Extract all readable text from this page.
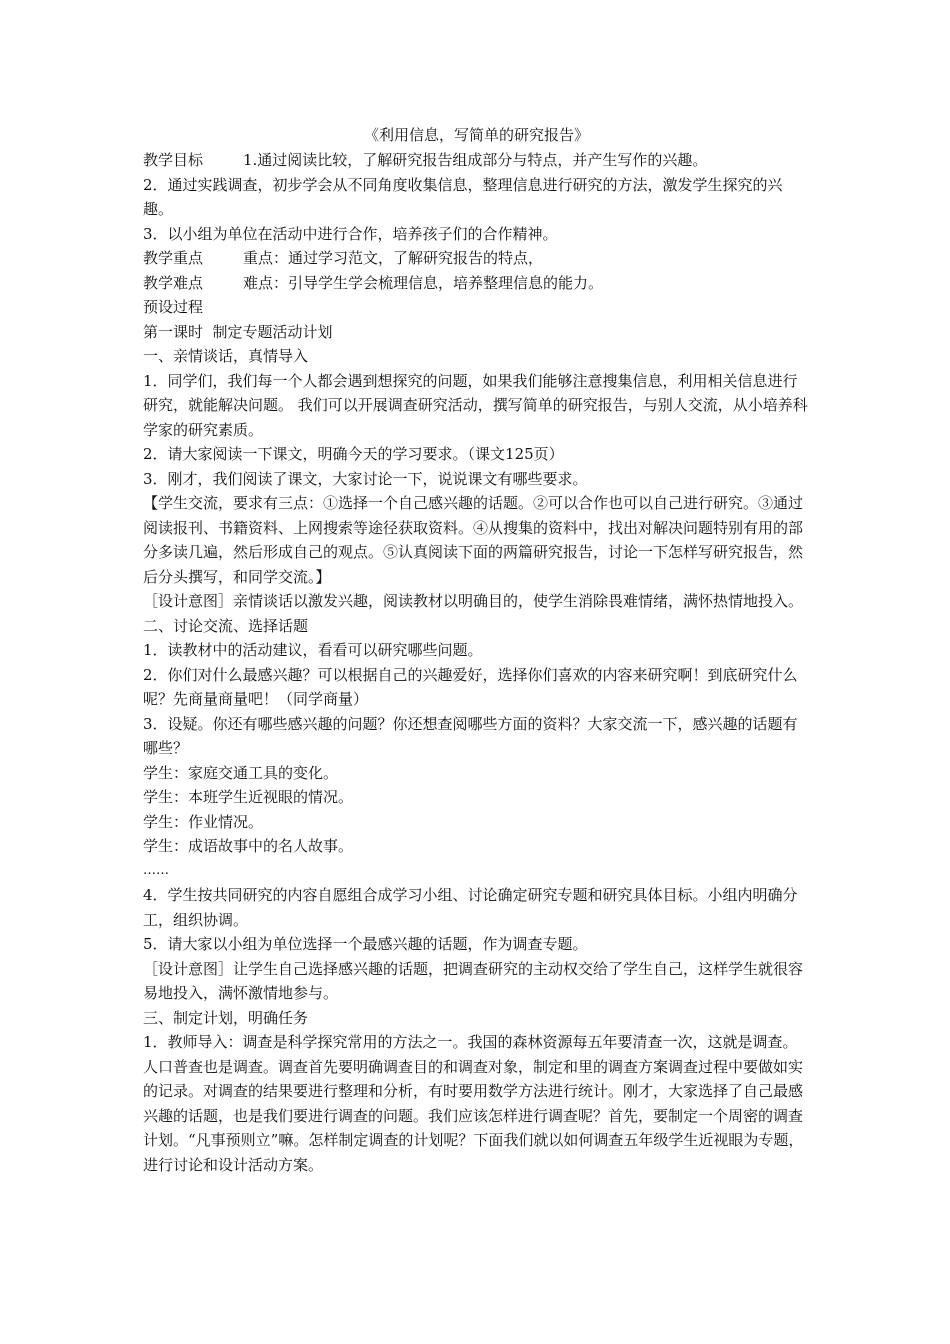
《利用信息，写简单的研究报告》

教学目标	1.通过阅读比较，了解研究报告组成部分与特点，并产生写作的兴趣。

2．通过实践调查，初步学会从不同角度收集信息，整理信息进行研究的方法，激发学生探究的兴趣。

3．以小组为单位在活动中进行合作，培养孩子们的合作精神。

教学重点	重点：通过学习范文，了解研究报告的特点，

教学难点	难点：引导学生学会梳理信息，培养整理信息的能力。

预设过程

第一课时  制定专题活动计划

一、亲情谈话，真情导入

1．同学们，我们每一个人都会遇到想探究的问题，如果我们能够注意搜集信息，利用相关信息进行研究，就能解决问题。 我们可以开展调查研究活动，撰写简单的研究报告，与别人交流，从小培养科学家的研究素质。

2．请大家阅读一下课文，明确今天的学习要求。（课文125页）

3．刚才，我们阅读了课文，大家讨论一下，说说课文有哪些要求。

【学生交流，要求有三点：①选择一个自己感兴趣的话题。②可以合作也可以自己进行研究。③通过阅读报刊、书籍资料、上网搜索等途径获取资料。④从搜集的资料中，找出对解决问题特别有用的部分多读几遍，然后形成自己的观点。⑤认真阅读下面的两篇研究报告，讨论一下怎样写研究报告，然后分头撰写，和同学交流。】

［设计意图］亲情谈话以激发兴趣，阅读教材以明确目的，使学生消除畏难情绪，满怀热情地投入。

二、讨论交流、选择话题

1．读教材中的活动建议，看看可以研究哪些问题。

2．你们对什么最感兴趣？可以根据自己的兴趣爱好，选择你们喜欢的内容来研究啊！到底研究什么呢？先商量商量吧！（同学商量）

3．设疑。你还有哪些感兴趣的问题？你还想查阅哪些方面的资料？大家交流一下，感兴趣的话题有哪些？

学生：家庭交通工具的变化。

学生：本班学生近视眼的情况。

学生：作业情况。

学生：成语故事中的名人故事。

……

4．学生按共同研究的内容自愿组合成学习小组、讨论确定研究专题和研究具体目标。小组内明确分工，组织协调。

5．请大家以小组为单位选择一个最感兴趣的话题，作为调查专题。

［设计意图］让学生自己选择感兴趣的话题，把调查研究的主动权交给了学生自己，这样学生就很容易地投入，满怀激情地参与。

三、制定计划，明确任务

1．教师导入：调查是科学探究常用的方法之一。我国的森林资源每五年要清查一次，这就是调查。人口普查也是调查。调查首先要明确调查目的和调查对象，制定和里的调查方案调查过程中要做如实的记录。对调查的结果要进行整理和分析，有时要用数学方法进行统计。刚才，大家选择了自己最感兴趣的话题，也是我们要进行调查的问题。我们应该怎样进行调查呢？首先，要制定一个周密的调查计划。“凡事预则立”嘛。怎样制定调查的计划呢？下面我们就以如何调查五年级学生近视眼为专题，进行讨论和设计活动方案。
